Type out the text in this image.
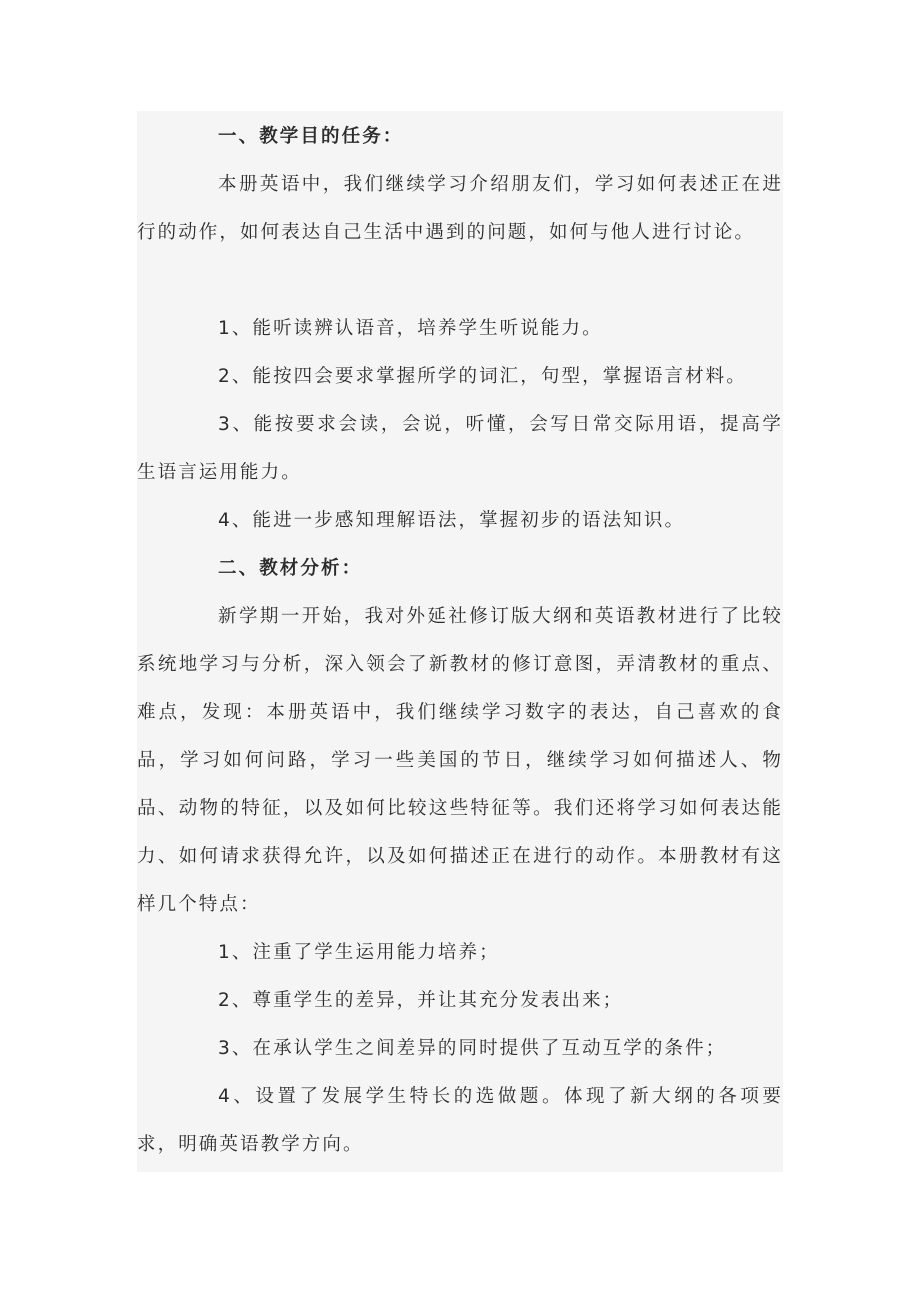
一、教学目的任务：

本册英语中，我们继续学习介绍朋友们，学习如何表述正在进行的动作，如何表达自己生活中遇到的问题，如何与他人进行讨论。

1、能听读辨认语音，培养学生听说能力。

2、能按四会要求掌握所学的词汇，句型，掌握语言材料。

3、能按要求会读，会说，听懂，会写日常交际用语，提高学生语言运用能力。

4、能进一步感知理解语法，掌握初步的语法知识。

二、教材分析：

新学期一开始，我对外延社修订版大纲和英语教材进行了比较系统地学习与分析，深入领会了新教材的修订意图，弄清教材的重点、难点，发现：本册英语中，我们继续学习数字的表达，自己喜欢的食品，学习如何问路，学习一些美国的节日，继续学习如何描述人、物品、动物的特征，以及如何比较这些特征等。我们还将学习如何表达能力、如何请求获得允许，以及如何描述正在进行的动作。本册教材有这样几个特点：

1、注重了学生运用能力培养；

2、尊重学生的差异，并让其充分发表出来；

3、在承认学生之间差异的同时提供了互动互学的条件；

4、设置了发展学生特长的选做题。体现了新大纲的各项要求，明确英语教学方向。
